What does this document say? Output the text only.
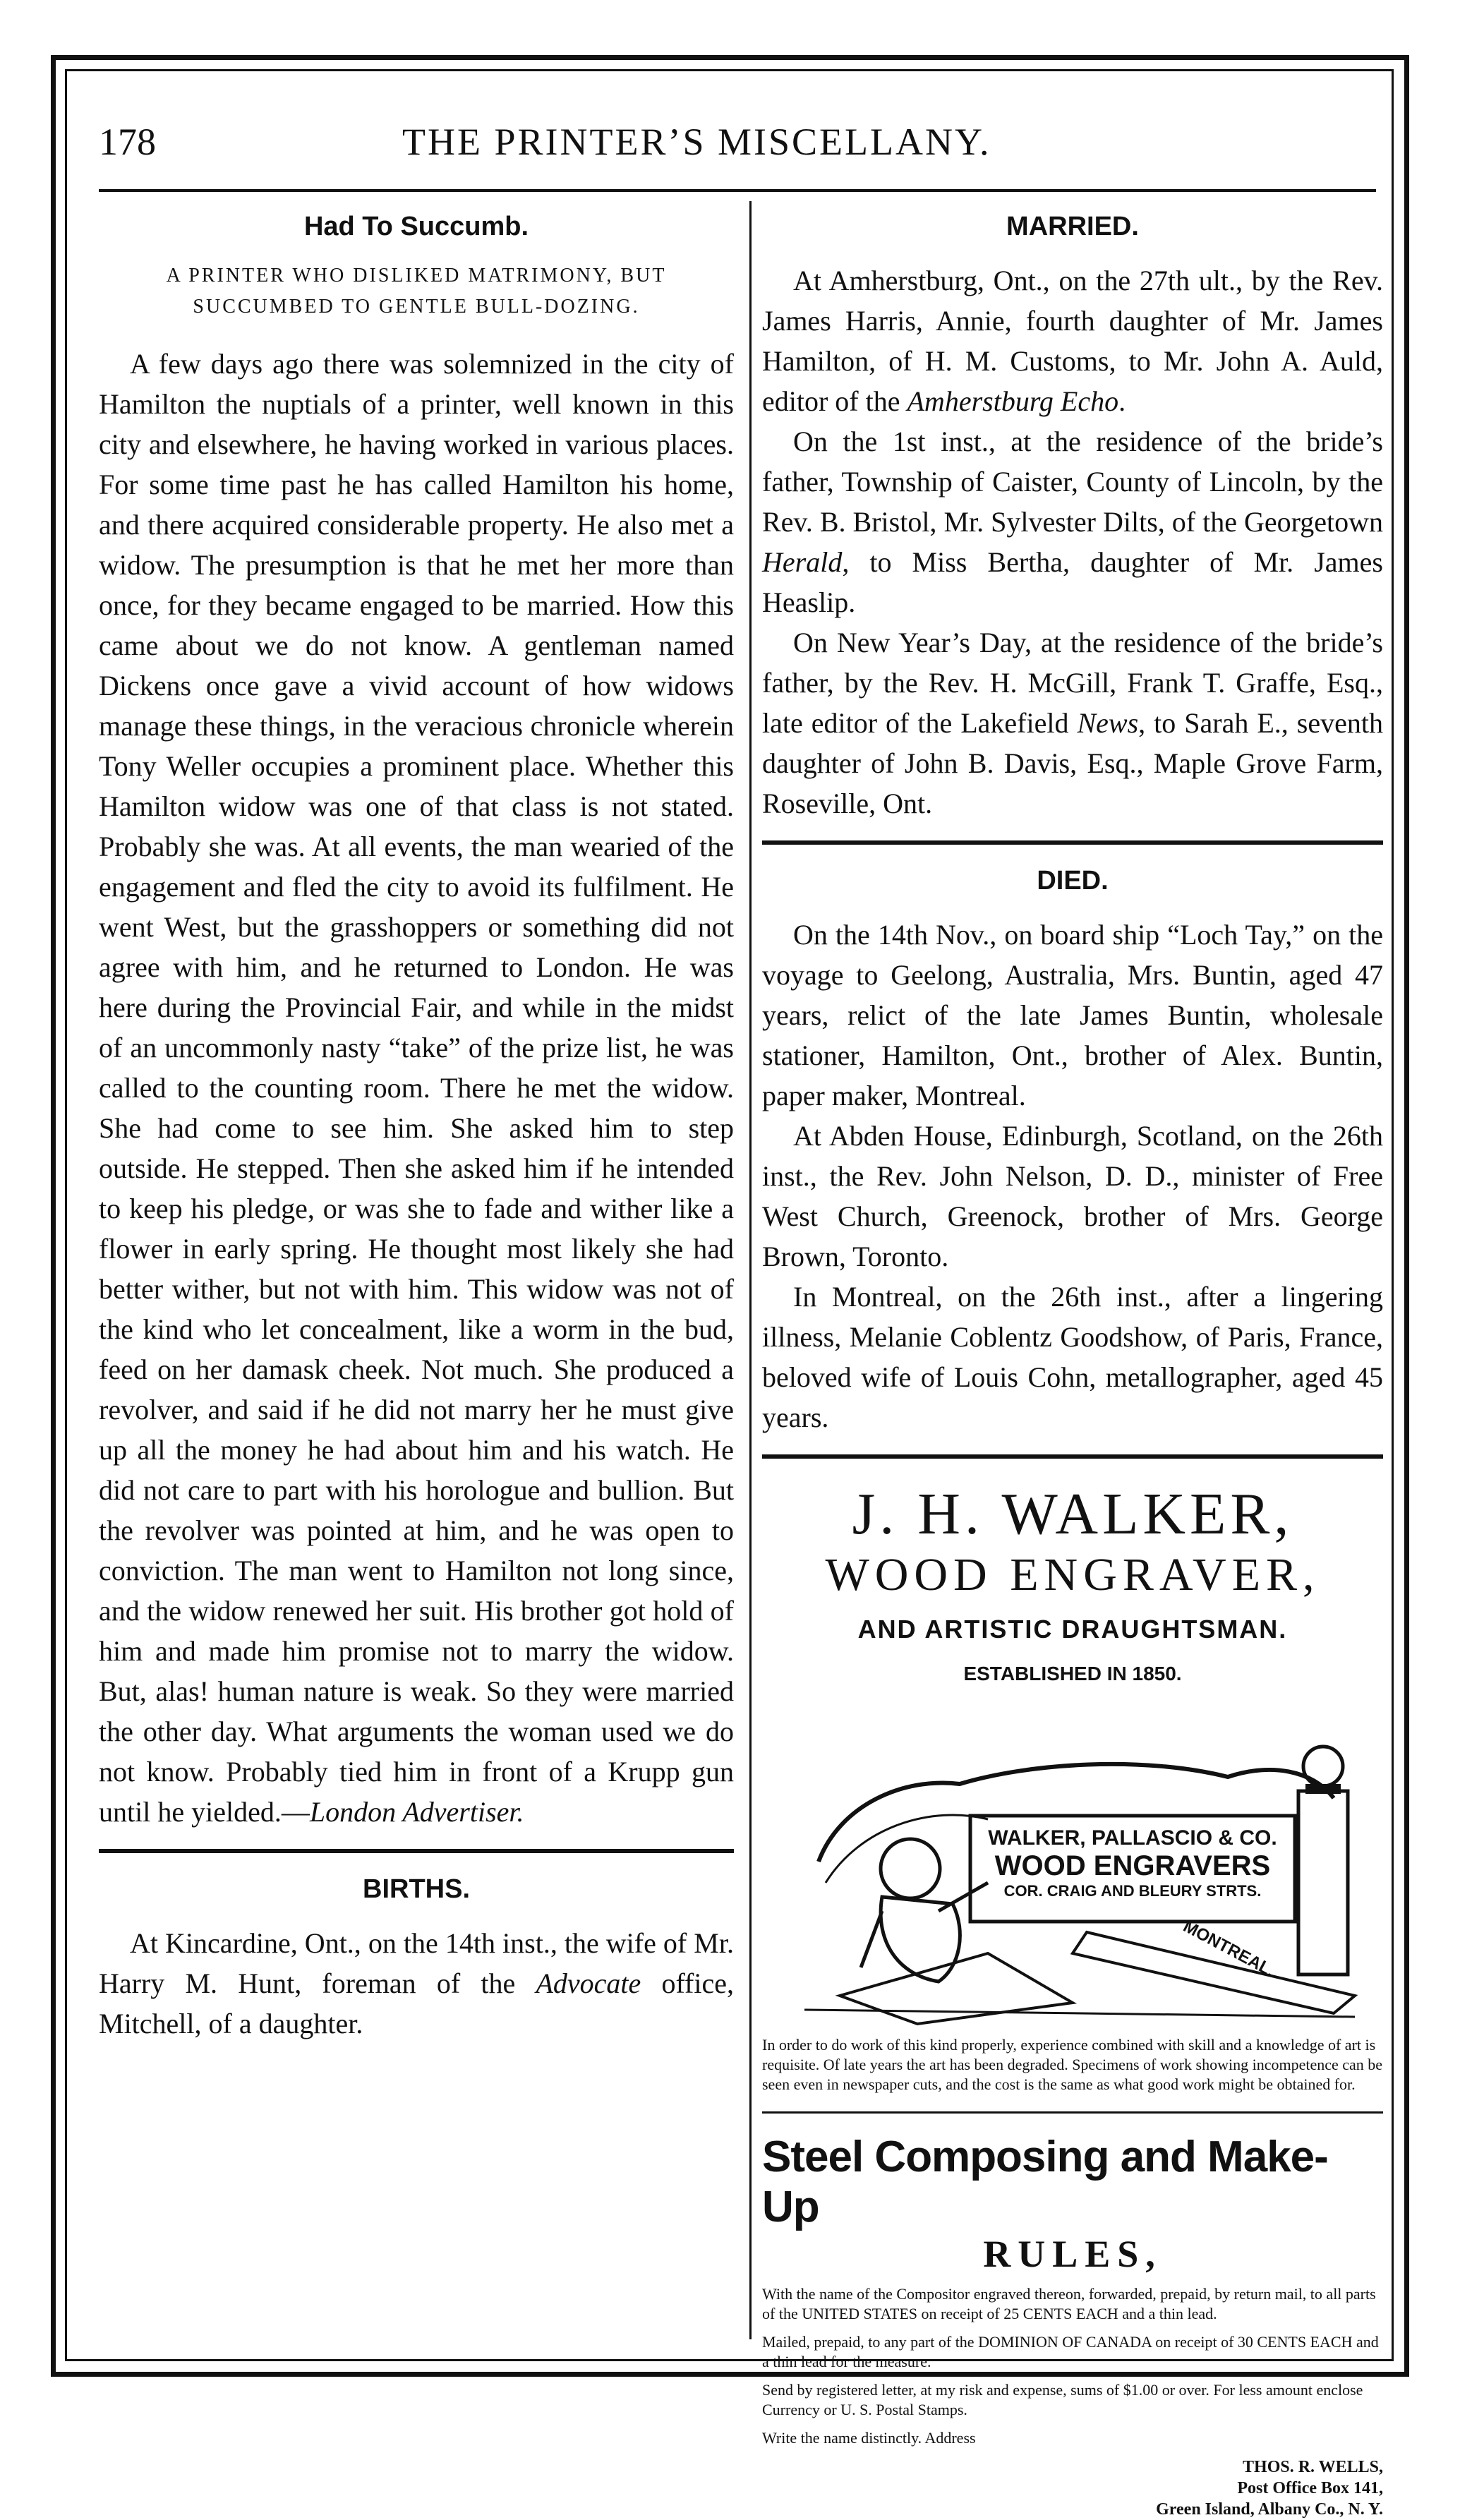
178	THE PRINTER’S MISCELLANY.
Had To Succumb.
A PRINTER WHO DISLIKED MATRIMONY, BUT SUCCUMBED TO GENTLE BULL-DOZING.

A few days ago there was solemnized in the city of Hamilton the nuptials of a printer, well known in this city and elsewhere, he having worked in various places. For some time past he has called Hamilton his home, and there acquired considerable property. He also met a widow. The presumption is that he met her more than once, for they became engaged to be married. How this came about we do not know. A gentleman named Dickens once gave a vivid account of how widows manage these things, in the veracious chronicle wherein Tony Weller occupies a prominent place. Whether this Hamilton widow was one of that class is not stated. Probably she was. At all events, the man wearied of the engagement and fled the city to avoid its fulfilment. He went West, but the grasshoppers or something did not agree with him, and he returned to London. He was here during the Provincial Fair, and while in the midst of an uncommonly nasty “take” of the prize list, he was called to the counting room. There he met the widow. She had come to see him. She asked him to step outside. He stepped. Then she asked him if he intended to keep his pledge, or was she to fade and wither like a flower in early spring. He thought most likely she had better wither, but not with him. This widow was not of the kind who let concealment, like a worm in the bud, feed on her damask cheek. Not much. She produced a revolver, and said if he did not marry her he must give up all the money he had about him and his watch. He did not care to part with his horologue and bullion. But the revolver was pointed at him, and he was open to conviction. The man went to Hamilton not long since, and the widow renewed her suit. His brother got hold of him and made him promise not to marry the widow. But, alas! human nature is weak. So they were married the other day. What arguments the woman used we do not know. Probably tied him in front of a Krupp gun until he yielded.—London Advertiser.

BIRTHS.

At Kincardine, Ont., on the 14th inst., the wife of Mr. Harry M. Hunt, foreman of the Advocate office, Mitchell, of a daughter.

MARRIED.

At Amherstburg, Ont., on the 27th ult., by the Rev. James Harris, Annie, fourth daughter of Mr. James Hamilton, of H. M. Customs, to Mr. John A. Auld, editor of the Amherstburg Echo.

On the 1st inst., at the residence of the bride’s father, Township of Caister, County of Lincoln, by the Rev. B. Bristol, Mr. Sylvester Dilts, of the Georgetown Herald, to Miss Bertha, daughter of Mr. James Heaslip.

On New Year’s Day, at the residence of the bride’s father, by the Rev. H. McGill, Frank T. Graffe, Esq., late editor of the Lakefield News, to Sarah E., seventh daughter of John B. Davis, Esq., Maple Grove Farm, Roseville, Ont.

DIED.

On the 14th Nov., on board ship “Loch Tay,” on the voyage to Geelong, Australia, Mrs. Buntin, aged 47 years, relict of the late James Buntin, wholesale stationer, Hamilton, Ont., brother of Alex. Buntin, paper maker, Montreal.

At Abden House, Edinburgh, Scotland, on the 26th inst., the Rev. John Nelson, D. D., minister of Free West Church, Greenock, brother of Mrs. George Brown, Toronto.

In Montreal, on the 26th inst., after a lingering illness, Melanie Coblentz Goodshow, of Paris, France, beloved wife of Louis Cohn, metallographer, aged 45 years.

J. H. WALKER,
WOOD ENGRAVER,
AND ARTISTIC DRAUGHTSMAN.
ESTABLISHED IN 1850.
WALKER, PALLASCIO & CO.
WOOD ENGRAVERS
COR. CRAIG AND BLEURY STRTS.
MONTREAL.
In order to do work of this kind properly, experience combined with skill and a knowledge of art is requisite. Of late years the art has been degraded. Specimens of work showing incompetence can be seen even in newspaper cuts, and the cost is the same as what good work might be obtained for.
Steel Composing and Make-Up
RULES,
With the name of the Compositor engraved thereon, forwarded, prepaid, by return mail, to all parts of the UNITED STATES on receipt of 25 CENTS EACH and a thin lead.
Mailed, prepaid, to any part of the DOMINION OF CANADA on receipt of 30 CENTS EACH and a thin lead for the measure.
Send by registered letter, at my risk and expense, sums of $1.00 or over. For less amount enclose Currency or U. S. Postal Stamps.
Write the name distinctly. Address
THOS. R. WELLS,
Post Office Box 141,
Green Island, Albany Co., N. Y.
